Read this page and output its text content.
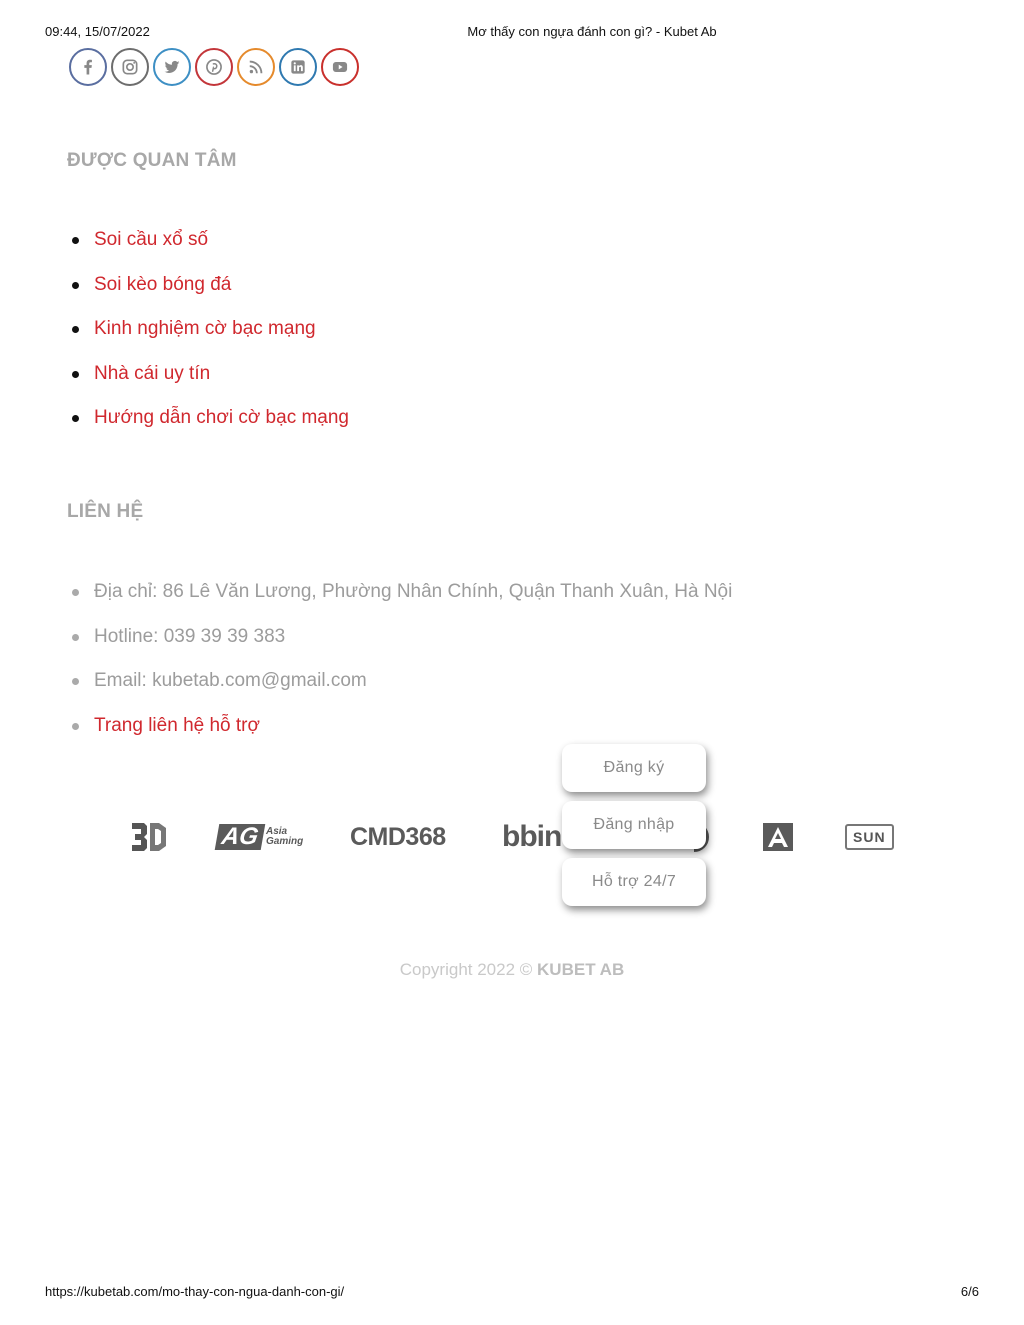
09:44, 15/07/2022	Mơ thấy con ngựa đánh con gì? - Kubet Ab
ĐƯỢC QUAN TÂM
Soi cầu xổ số
Soi kèo bóng đá
Kinh nghiệm cờ bạc mạng
Nhà cái uy tín
Hướng dẫn chơi cờ bạc mạng
LIÊN HỆ
Địa chỉ: 86 Lê Văn Lương, Phường Nhân Chính, Quận Thanh Xuân, Hà Nội
Hotline: 039 39 39 383
Email: kubetab.com@gmail.com
Trang liên hệ hỗ trợ
AG Asia
Gaming CMD368 bbin	SUN
Đăng ký
Đăng nhập
Hỗ trợ 24/7
Copyright 2022 © KUBET AB
https://kubetab.com/mo-thay-con-ngua-danh-con-gi/	6/6
